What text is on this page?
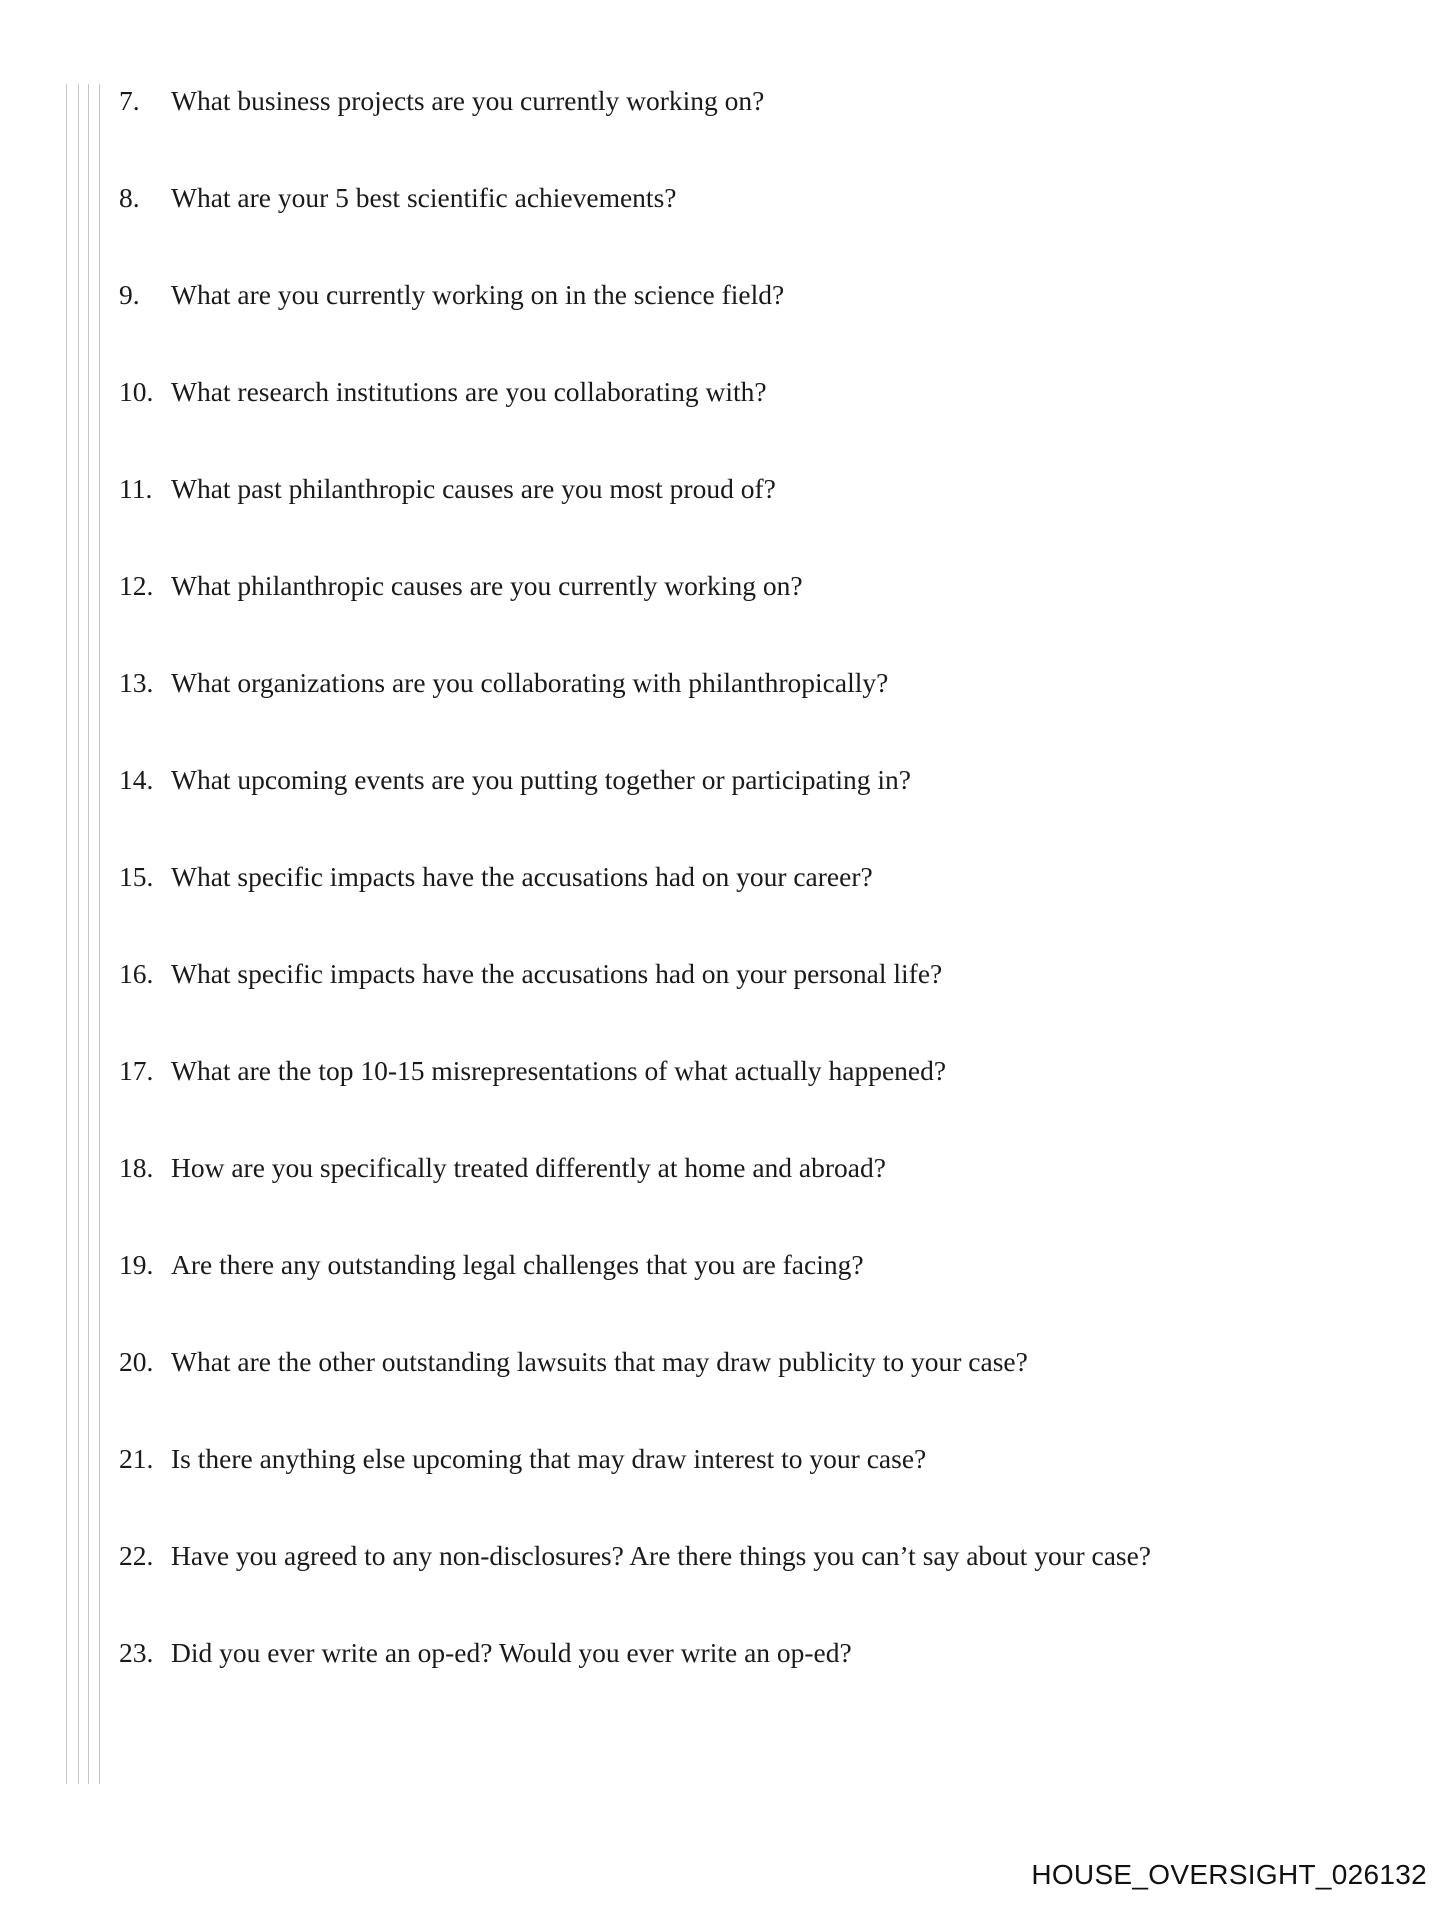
7. What business projects are you currently working on?
8. What are your 5 best scientific achievements?
9. What are you currently working on in the science field?
10. What research institutions are you collaborating with?
11. What past philanthropic causes are you most proud of?
12. What philanthropic causes are you currently working on?
13. What organizations are you collaborating with philanthropically?
14. What upcoming events are you putting together or participating in?
15. What specific impacts have the accusations had on your career?
16. What specific impacts have the accusations had on your personal life?
17. What are the top 10-15 misrepresentations of what actually happened?
18. How are you specifically treated differently at home and abroad?
19. Are there any outstanding legal challenges that you are facing?
20. What are the other outstanding lawsuits that may draw publicity to your case?
21. Is there anything else upcoming that may draw interest to your case?
22. Have you agreed to any non-disclosures? Are there things you can’t say about your case?
23. Did you ever write an op-ed? Would you ever write an op-ed?
HOUSE_OVERSIGHT_026132
